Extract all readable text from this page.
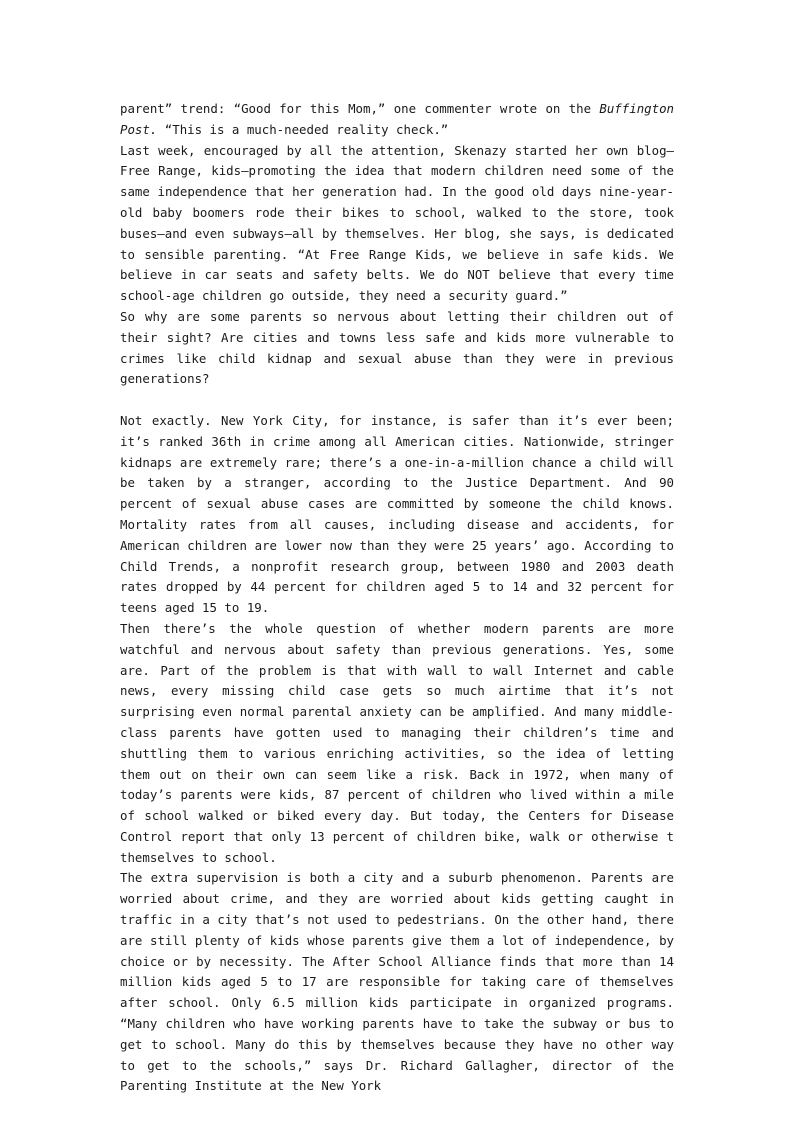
parent” trend: “Good for this Mom,” one commenter wrote on the Buffington Post. “This is a much-needed reality check.”

Last week, encouraged by all the attention, Skenazy started her own blog—Free Range, kids—promoting the idea that modern children need some of the same independence that her generation had. In the good old days nine-year-old baby boomers rode their bikes to school, walked to the store, took buses—and even subways—all by themselves. Her blog, she says, is dedicated to sensible parenting. “At Free Range Kids, we believe in safe kids. We believe in car seats and safety belts. We do NOT believe that every time school-age children go outside, they need a security guard.”

So why are some parents so nervous about letting their children out of their sight? Are cities and towns less safe and kids more vulnerable to crimes like child kidnap and sexual abuse than they were in previous generations?

Not exactly. New York City, for instance, is safer than it’s ever been; it’s ranked 36th in crime among all American cities. Nationwide, stringer kidnaps are extremely rare; there’s a one-in-a-million chance a child will be taken by a stranger, according to the Justice Department. And 90 percent of sexual abuse cases are committed by someone the child knows. Mortality rates from all causes, including disease and accidents, for American children are lower now than they were 25 years’ ago. According to Child Trends, a nonprofit research group, between 1980 and 2003 death rates dropped by 44 percent for children aged 5 to 14 and 32 percent for teens aged 15 to 19.

Then there’s the whole question of whether modern parents are more watchful and nervous about safety than previous generations. Yes, some are. Part of the problem is that with wall to wall Internet and cable news, every missing child case gets so much airtime that it’s not surprising even normal parental anxiety can be amplified. And many middle-class parents have gotten used to managing their children’s time and shuttling them to various enriching activities, so the idea of letting them out on their own can seem like a risk. Back in 1972, when many of today’s parents were kids, 87 percent of children who lived within a mile of school walked or biked every day. But today, the Centers for Disease Control report that only 13 percent of children bike, walk or otherwise t themselves to school.

The extra supervision is both a city and a suburb phenomenon. Parents are worried about crime, and they are worried about kids getting caught in traffic in a city that’s not used to pedestrians. On the other hand, there are still plenty of kids whose parents give them a lot of independence, by choice or by necessity. The After School Alliance finds that more than 14 million kids aged 5 to 17 are responsible for taking care of themselves after school. Only 6.5 million kids participate in organized programs. “Many children who have working parents have to take the subway or bus to get to school. Many do this by themselves because they have no other way to get to the schools,” says Dr. Richard Gallagher, director of the Parenting Institute at the New York
